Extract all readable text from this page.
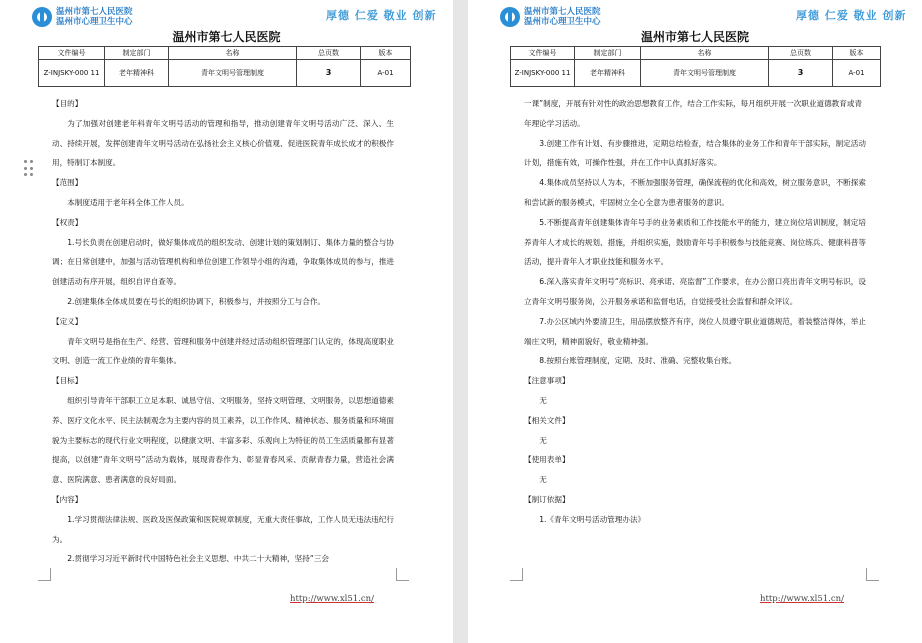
温州市第七人民医院
温州市心理卫生中心	厚德 仁爱 敬业 创新
温州市第七人民医院
文件编号	制定部门	名称	总页数	版本
Z-INJSKY-000 11	老年精神科	青年文明号管理制度	3	A-01
【目的】
为了加强对创建老年科青年文明号活动的管理和指导，推动创建青年文明号活动广泛、深入、生动、持续开展，发挥创建青年文明号活动在弘扬社会主义核心价值观、促进医院青年成长成才的积极作用，特制订本制度。
【范围】
本制度适用于老年科全体工作人员。
【权责】
1.号长负责在创建启动时，做好集体成员的组织发动、创建计划的策划制订、集体力量的整合与协调；在日常创建中，加强与活动管理机构和单位创建工作领导小组的沟通，争取集体成员的参与，推进创建活动有序开展，组织自评自查等。
2.创建集体全体成员要在号长的组织协调下，积极参与，并按照分工与合作。
【定义】
青年文明号是指在生产、经营、管理和服务中创建并经过活动组织管理部门认定的，体现高度职业文明、创造一流工作业绩的青年集体。
【目标】
组织引导青年干部职工立足本职、诚恳守信、文明服务，坚持文明管理、文明服务，以思想道德素养、医疗文化水平、民主法制观念为主要内容的员工素养，以工作作风、精神状态、服务质量和环境面貌为主要标志的现代行业文明程度，以健康文明、丰富多彩、乐观向上为特征的员工生活质量都有显著提高，以创建“青年文明号”活动为载体，展现青春作为、彰显青春风采、贡献青春力量，营造社会满意、医院满意、患者满意的良好局面。
【内容】
1.学习贯彻法律法规、医政及医保政策和医院规章制度，无重大责任事故，工作人员无违法违纪行为。
2.贯彻学习习近平新时代中国特色社会主义思想、中共二十大精神，坚持“三会
http://www.xl51.cn/
温州市第七人民医院
温州市心理卫生中心	厚德 仁爱 敬业 创新
温州市第七人民医院
文件编号	制定部门	名称	总页数	版本
Z-INJSKY-000 11	老年精神科	青年文明号管理制度	3	A-01
一课”制度，开展有针对性的政治思想教育工作，结合工作实际，每月组织开展一次职业道德教育或青年理论学习活动。
3.创建工作有计划、有步骤推进，定期总结检查，结合集体的业务工作和青年干部实际，制定活动计划，措施有效，可操作性强，并在工作中认真抓好落实。
4.集体成员坚持以人为本，不断加强服务管理，确保流程的优化和高效，树立服务意识，不断探索和尝试新的服务模式，牢固树立全心全意为患者服务的意识。
5.不断提高青年创建集体青年号手的业务素质和工作技能水平的能力，建立岗位培训制度，制定培养青年人才成长的规划、措施，并组织实施，鼓励青年号手积极参与技能竞赛、岗位练兵、健康科普等活动，提升青年人才职业技能和服务水平。
6.深入落实青年文明号“亮标识、亮承诺、亮监督”工作要求，在办公窗口亮出青年文明号标识，设立青年文明号服务岗，公开服务承诺和监督电话，自觉接受社会监督和群众评议。
7.办公区域内外要清卫生，用品摆放整齐有序，岗位人员遵守职业道德规范，着装整洁得体，举止端庄文明，精神面貌好，敬业精神强。
8.按照台账管理制度，定期、及时、准确、完整收集台账。
【注意事项】
无
【相关文件】
无
【使用表单】
无
【制订依据】
1.《青年文明号活动管理办法》
http://www.xl51.cn/
